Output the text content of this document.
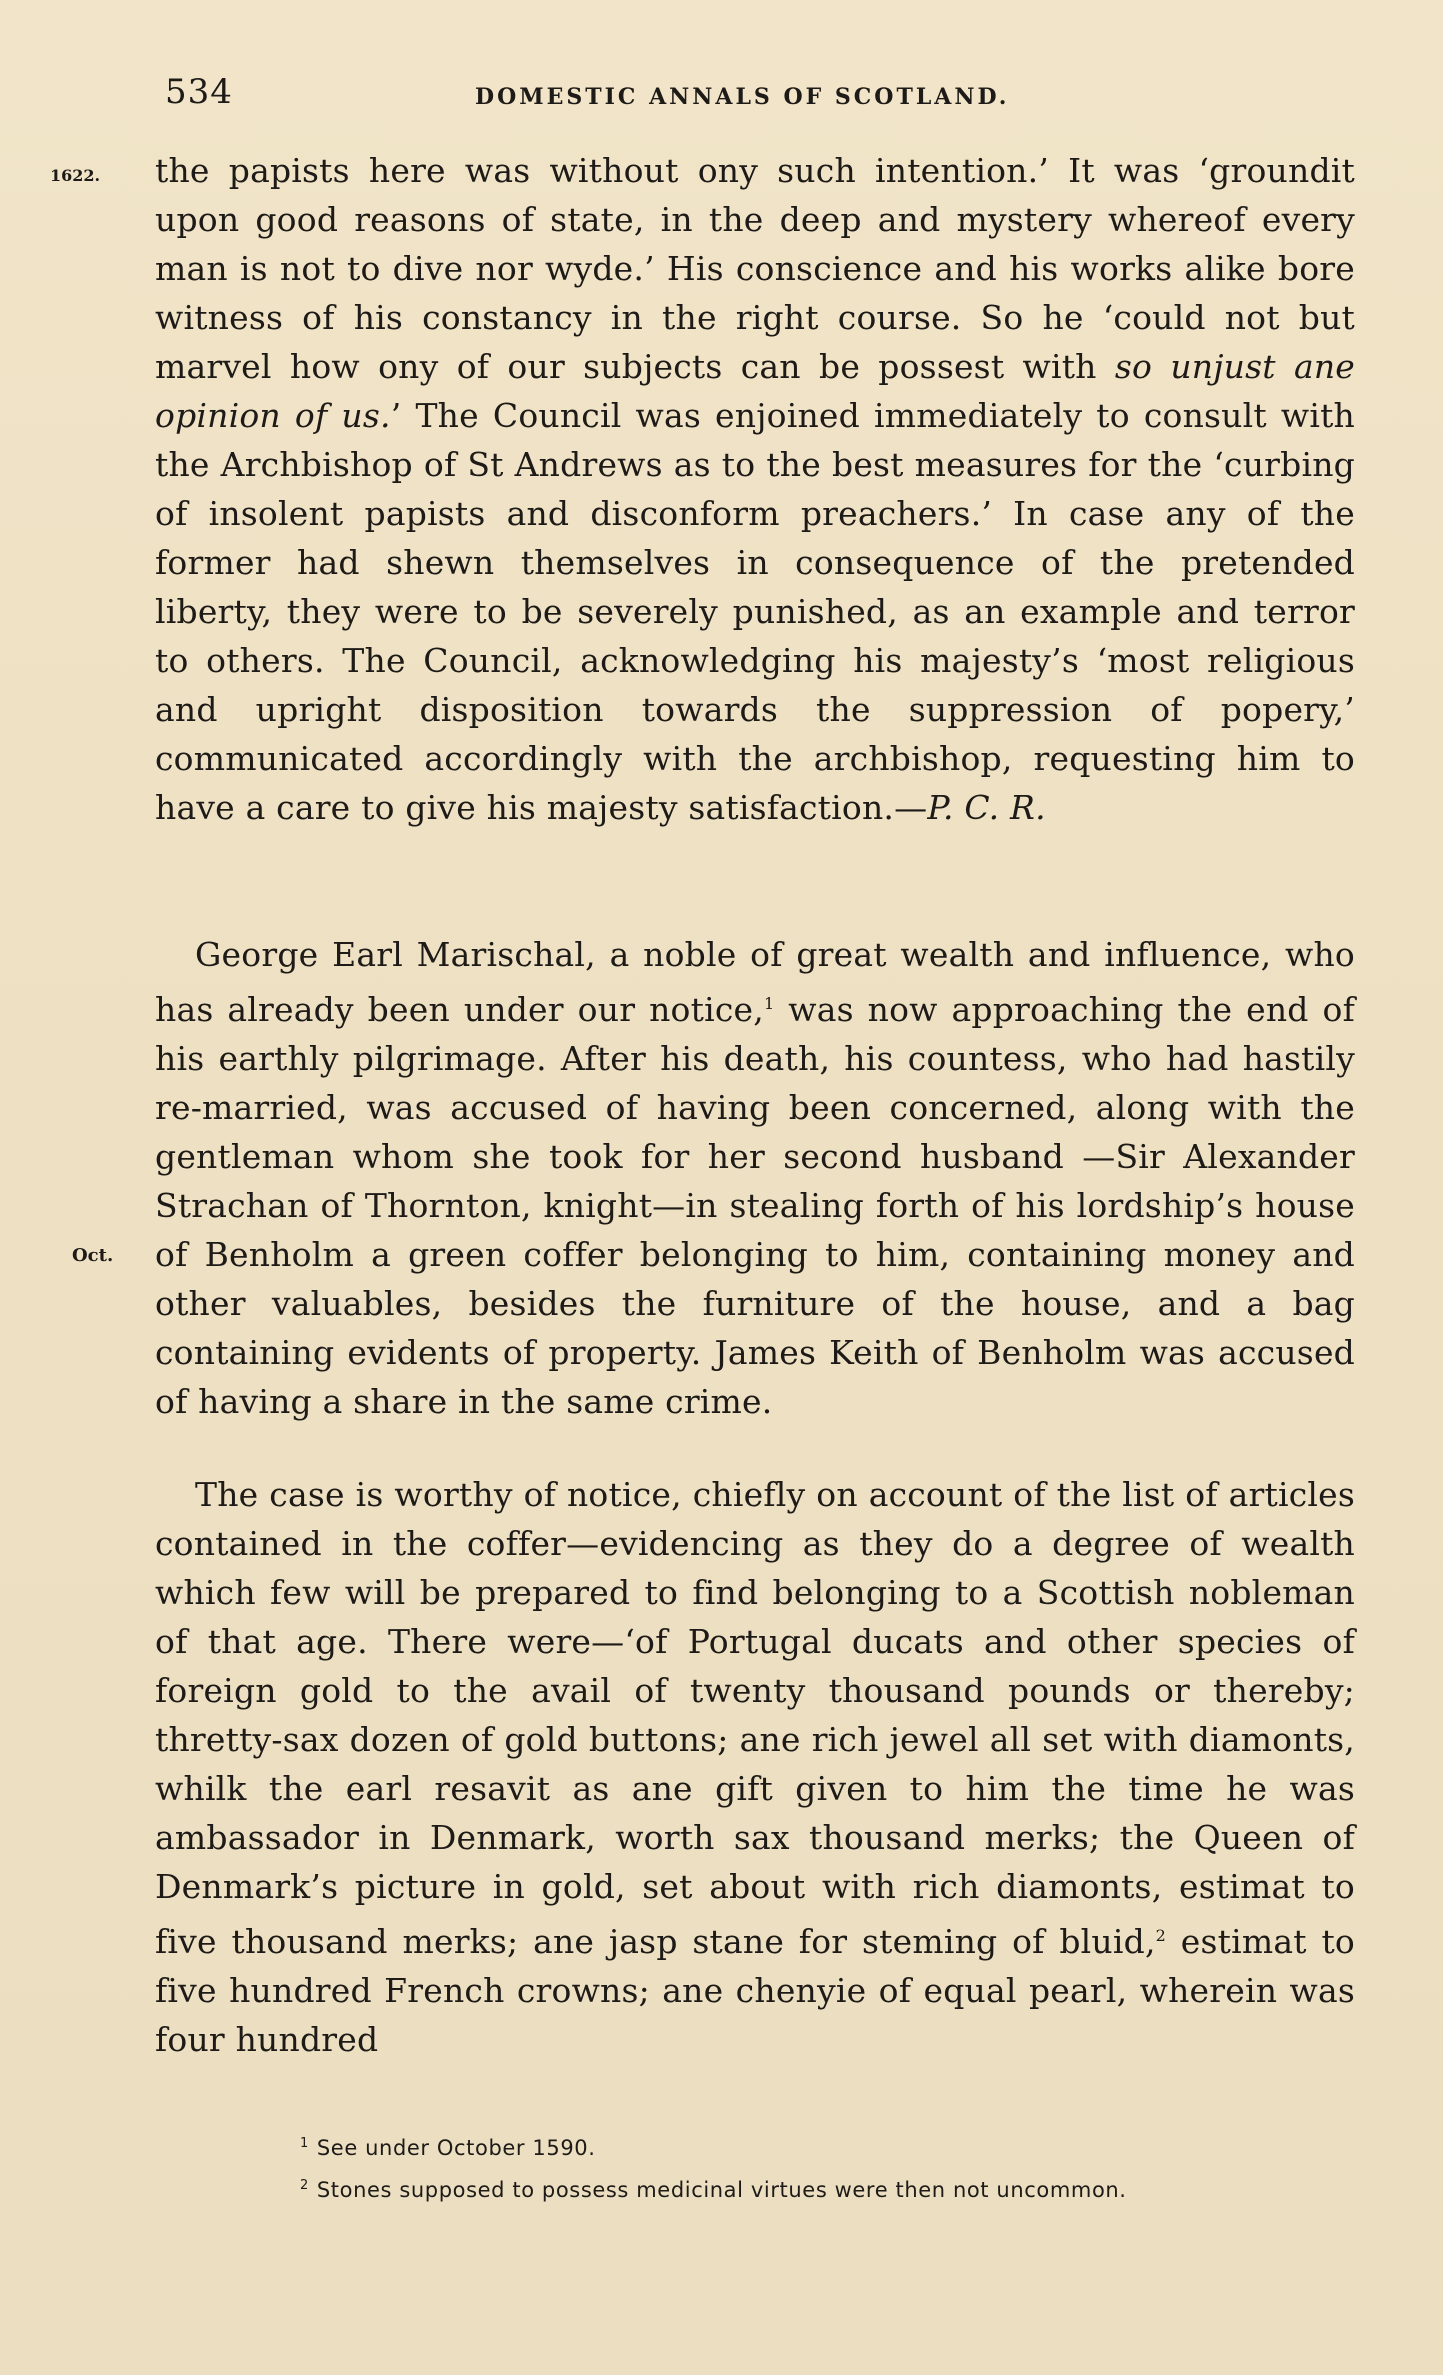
534	DOMESTIC ANNALS OF SCOTLAND.
1622.
Oct.

the papists here was without ony such intention.’ It was ‘groundit upon good reasons of state, in the deep and mystery whereof every man is not to dive nor wyde.’ His conscience and his works alike bore witness of his constancy in the right course. So he ‘could not but marvel how ony of our subjects can be possest with so unjust ane opinion of us.’ The Council was enjoined immediately to consult with the Archbishop of St Andrews as to the best measures for the ‘curbing of insolent papists and disconform preachers.’ In case any of the former had shewn themselves in consequence of the pretended liberty, they were to be severely punished, as an example and terror to others. The Council, acknowledging his majesty’s ‘most religious and upright disposition towards the suppression of popery,’ communicated accordingly with the archbishop, requesting him to have a care to give his majesty satisfaction.—P. C. R.

George Earl Marischal, a noble of great wealth and influence, who has already been under our notice,$^1$ was now approaching the end of his earthly pilgrimage. After his death, his countess, who had hastily re-married, was accused of having been concerned, along with the gentleman whom she took for her second husband —Sir Alexander Strachan of Thornton, knight—in stealing forth of his lordship’s house of Benholm a green coffer belonging to him, containing money and other valuables, besides the furniture of the house, and a bag containing evidents of property. James Keith of Benholm was accused of having a share in the same crime.

The case is worthy of notice, chiefly on account of the list of articles contained in the coffer—evidencing as they do a degree of wealth which few will be prepared to find belonging to a Scottish nobleman of that age. There were—‘of Portugal ducats and other species of foreign gold to the avail of twenty thousand pounds or thereby; thretty-sax dozen of gold buttons; ane rich jewel all set with diamonts, whilk the earl resavit as ane gift given to him the time he was ambassador in Denmark, worth sax thousand merks; the Queen of Denmark’s picture in gold, set about with rich diamonts, estimat to five thousand merks; ane jasp stane for steming of bluid,$^2$ estimat to five hundred French crowns; ane chenyie of equal pearl, wherein was four hundred

$^1$ See under October 1590.

$^2$ Stones supposed to possess medicinal virtues were then not uncommon.
